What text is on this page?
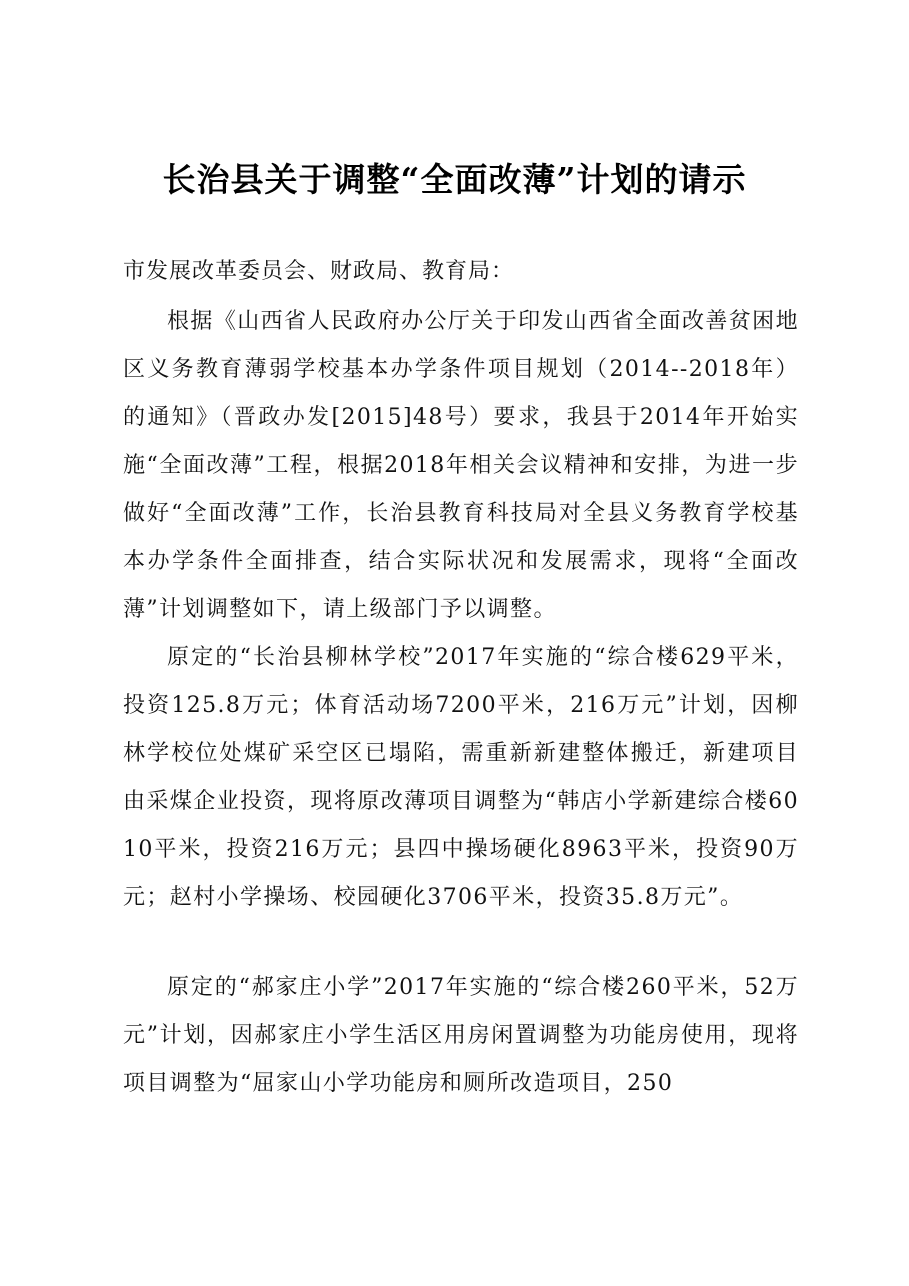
长治县关于调整“全面改薄”计划的请示
市发展改革委员会、财政局、教育局：

根据《山西省人民政府办公厅关于印发山西省全面改善贫困地区义务教育薄弱学校基本办学条件项目规划（2014--2018年）的通知》（晋政办发[2015]48号）要求，我县于2014年开始实施“全面改薄”工程，根据2018年相关会议精神和安排，为进一步做好“全面改薄”工作，长治县教育科技局对全县义务教育学校基本办学条件全面排查，结合实际状况和发展需求，现将“全面改薄”计划调整如下，请上级部门予以调整。

原定的“长治县柳林学校”2017年实施的“综合楼629平米，投资125.8万元；体育活动场7200平米，216万元”计划，因柳林学校位处煤矿采空区已塌陷，需重新新建整体搬迁，新建项目由采煤企业投资，现将原改薄项目调整为“韩店小学新建综合楼6010平米，投资216万元；县四中操场硬化8963平米，投资90万元；赵村小学操场、校园硬化3706平米，投资35.8万元”。

原定的“郝家庄小学”2017年实施的“综合楼260平米，52万元”计划，因郝家庄小学生活区用房闲置调整为功能房使用，现将项目调整为“屈家山小学功能房和厕所改造项目，250
